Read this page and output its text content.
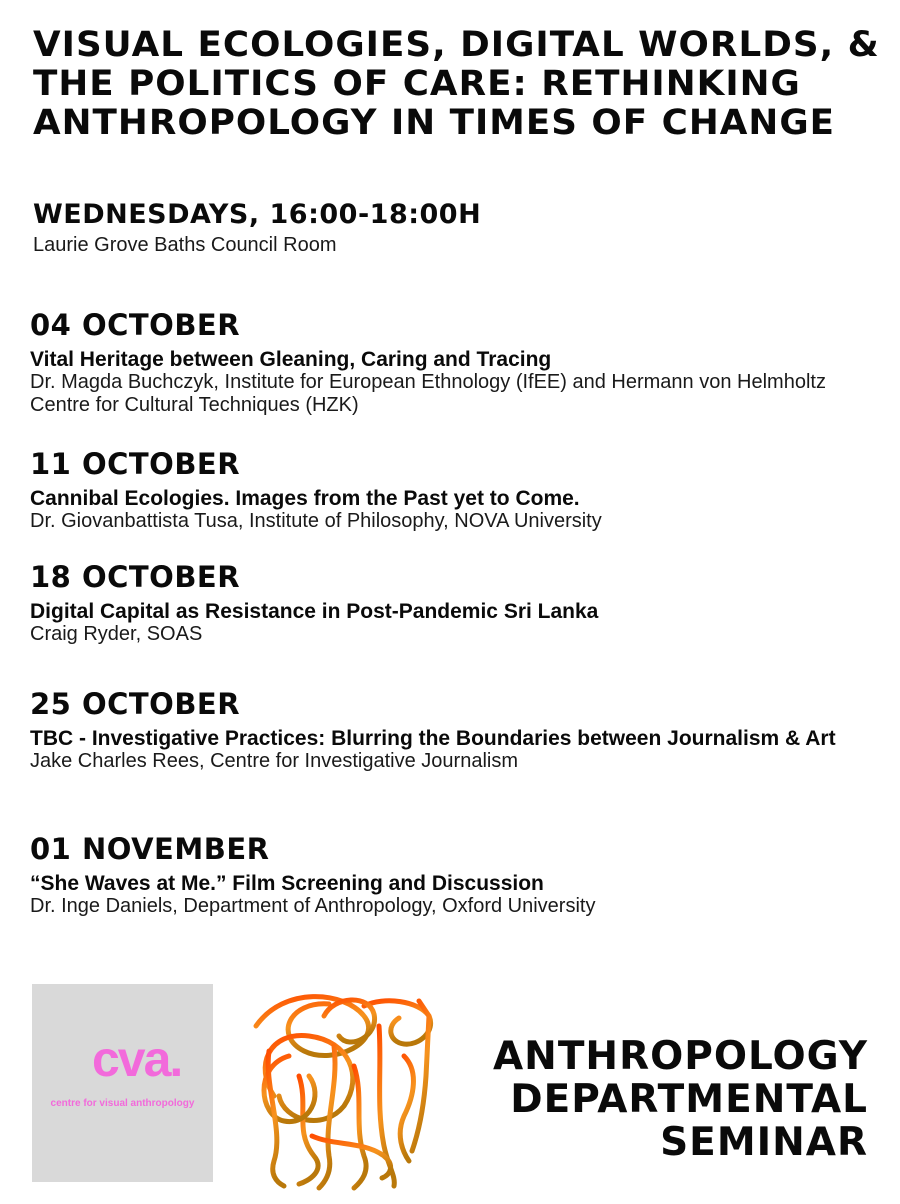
VISUAL ECOLOGIES, DIGITAL WORLDS, & THE POLITICS OF CARE: RETHINKING ANTHROPOLOGY IN TIMES OF CHANGE
WEDNESDAYS, 16:00-18:00H

Laurie Grove Baths Council Room

04 OCTOBER

Vital Heritage between Gleaning, Caring and Tracing

Dr. Magda Buchczyk, Institute for European Ethnology (IfEE) and Hermann von Helmholtz Centre for Cultural Techniques (HZK)

11 OCTOBER

Cannibal Ecologies. Images from the Past yet to Come.

Dr. Giovanbattista Tusa, Institute of Philosophy, NOVA University

18 OCTOBER

Digital Capital as Resistance in Post-Pandemic Sri Lanka

Craig Ryder, SOAS

25 OCTOBER

TBC - Investigative Practices: Blurring the Boundaries between Journalism & Art

Jake Charles Rees, Centre for Investigative Journalism

01 NOVEMBER

“She Waves at Me.” Film Screening and Discussion

Dr. Inge Daniels, Department of Anthropology, Oxford University

cva.
centre for visual anthropology
ANTHROPOLOGY
DEPARTMENTAL
SEMINAR
